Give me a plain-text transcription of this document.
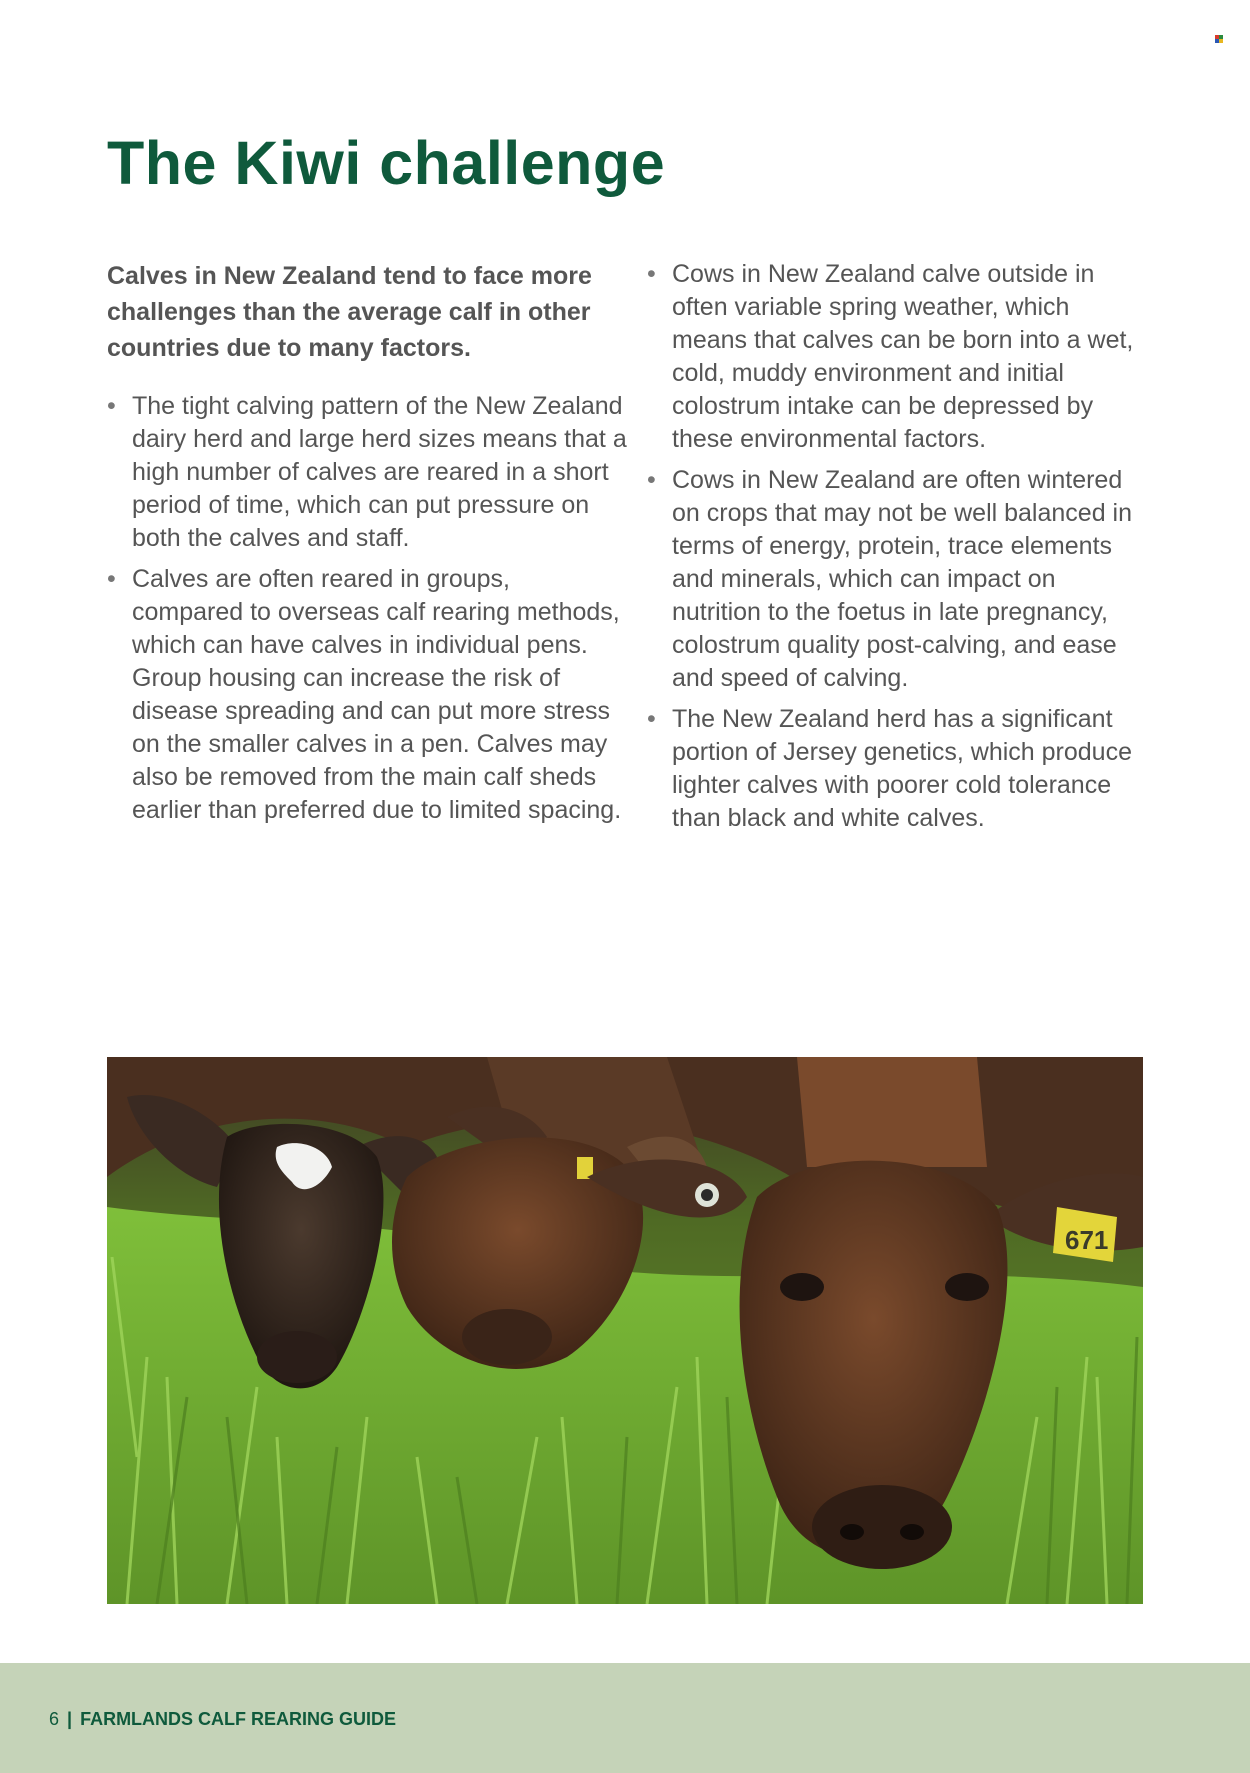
The Kiwi challenge

Calves in New Zealand tend to face more challenges than the average calf in other countries due to many factors.

• The tight calving pattern of the New Zealand dairy herd and large herd sizes means that a high number of calves are reared in a short period of time, which can put pressure on both the calves and staff.
• Calves are often reared in groups, compared to overseas calf rearing methods, which can have calves in individual pens. Group housing can increase the risk of disease spreading and can put more stress on the smaller calves in a pen. Calves may also be removed from the main calf sheds earlier than preferred due to limited spacing.
• Cows in New Zealand calve outside in often variable spring weather, which means that calves can be born into a wet, cold, muddy environment and initial colostrum intake can be depressed by these environmental factors.
• Cows in New Zealand are often wintered on crops that may not be well balanced in terms of energy, protein, trace elements and minerals, which can impact on nutrition to the foetus in late pregnancy, colostrum quality post-calving, and ease and speed of calving.
• The New Zealand herd has a significant portion of Jersey genetics, which produce lighter calves with poorer cold tolerance than black and white calves.
671
6 | FARMLANDS CALF REARING GUIDE
